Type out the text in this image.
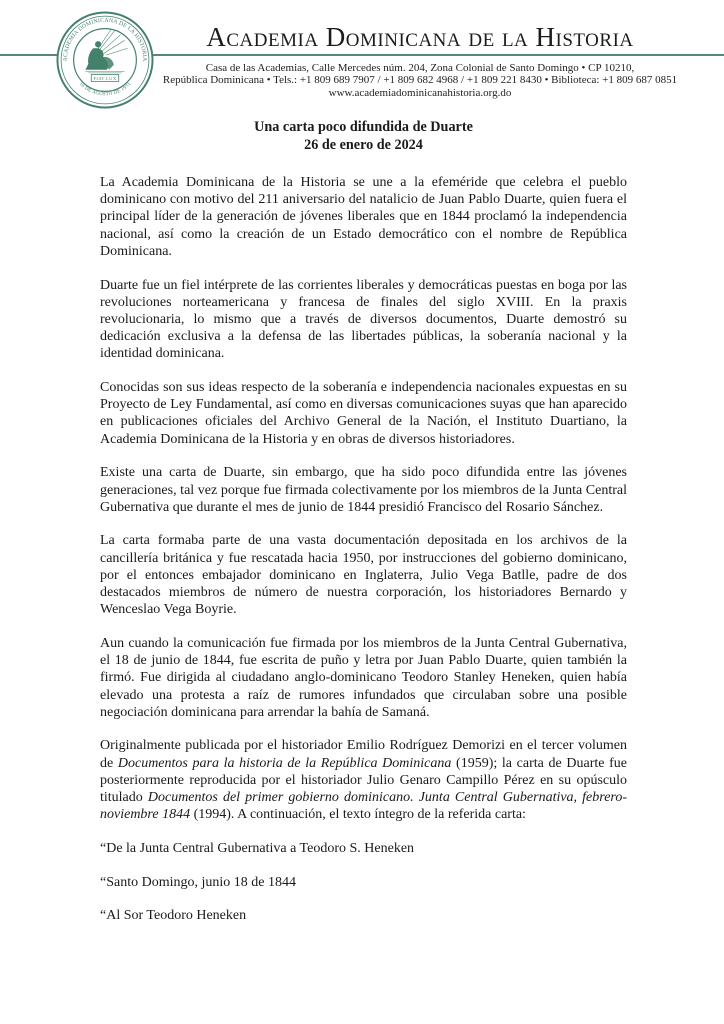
FIAT LUX
ACADEMIA DOMINICANA DE LA HISTORIA
16 DE AGOSTO DE 1931
Academia Dominicana de la Historia
Casa de las Academias, Calle Mercedes núm. 204, Zona Colonial de Santo Domingo • CP 10210,
República Dominicana • Tels.: +1 809 689 7907 / +1 809 682 4968 / +1 809 221 8430 • Biblioteca: +1 809 687 0851
www.academiadominicanahistoria.org.do
Una carta poco difundida de Duarte
26 de enero de 2024

La Academia Dominicana de la Historia se une a la efeméride que celebra el pueblo dominicano con motivo del 211 aniversario del natalicio de Juan Pablo Duarte, quien fuera el principal líder de la generación de jóvenes liberales que en 1844 proclamó la independencia nacional, así como la creación de un Estado democrático con el nombre de República Dominicana.

Duarte fue un fiel intérprete de las corrientes liberales y democráticas puestas en boga por las revoluciones norteamericana y francesa de finales del siglo XVIII. En la praxis revolucionaria, lo mismo que a través de diversos documentos, Duarte demostró su dedicación exclusiva a la defensa de las libertades públicas, la soberanía nacional y la identidad dominicana.

Conocidas son sus ideas respecto de la soberanía e independencia nacionales expuestas en su Proyecto de Ley Fundamental, así como en diversas comunicaciones suyas que han aparecido en publicaciones oficiales del Archivo General de la Nación, el Instituto Duartiano, la Academia Dominicana de la Historia y en obras de diversos historiadores.

Existe una carta de Duarte, sin embargo, que ha sido poco difundida entre las jóvenes generaciones, tal vez porque fue firmada colectivamente por los miembros de la Junta Central Gubernativa que durante el mes de junio de 1844 presidió Francisco del Rosario Sánchez.

La carta formaba parte de una vasta documentación depositada en los archivos de la cancillería británica y fue rescatada hacia 1950, por instrucciones del gobierno dominicano, por el entonces embajador dominicano en Inglaterra, Julio Vega Batlle, padre de dos destacados miembros de número de nuestra corporación, los historiadores Bernardo y Wenceslao Vega Boyrie.

Aun cuando la comunicación fue firmada por los miembros de la Junta Central Gubernativa, el 18 de junio de 1844, fue escrita de puño y letra por Juan Pablo Duarte, quien también la firmó. Fue dirigida al ciudadano anglo-dominicano Teodoro Stanley Heneken, quien había elevado una protesta a raíz de rumores infundados que circulaban sobre una posible negociación dominicana para arrendar la bahía de Samaná.

Originalmente publicada por el historiador Emilio Rodríguez Demorizi en el tercer volumen de Documentos para la historia de la República Dominicana (1959); la carta de Duarte fue posteriormente reproducida por el historiador Julio Genaro Campillo Pérez en su opúsculo titulado Documentos del primer gobierno dominicano. Junta Central Gubernativa, febrero-noviembre 1844 (1994). A continuación, el texto íntegro de la referida carta:

“De la Junta Central Gubernativa a Teodoro S. Heneken

“Santo Domingo, junio 18 de 1844

“Al Sor Teodoro Heneken
